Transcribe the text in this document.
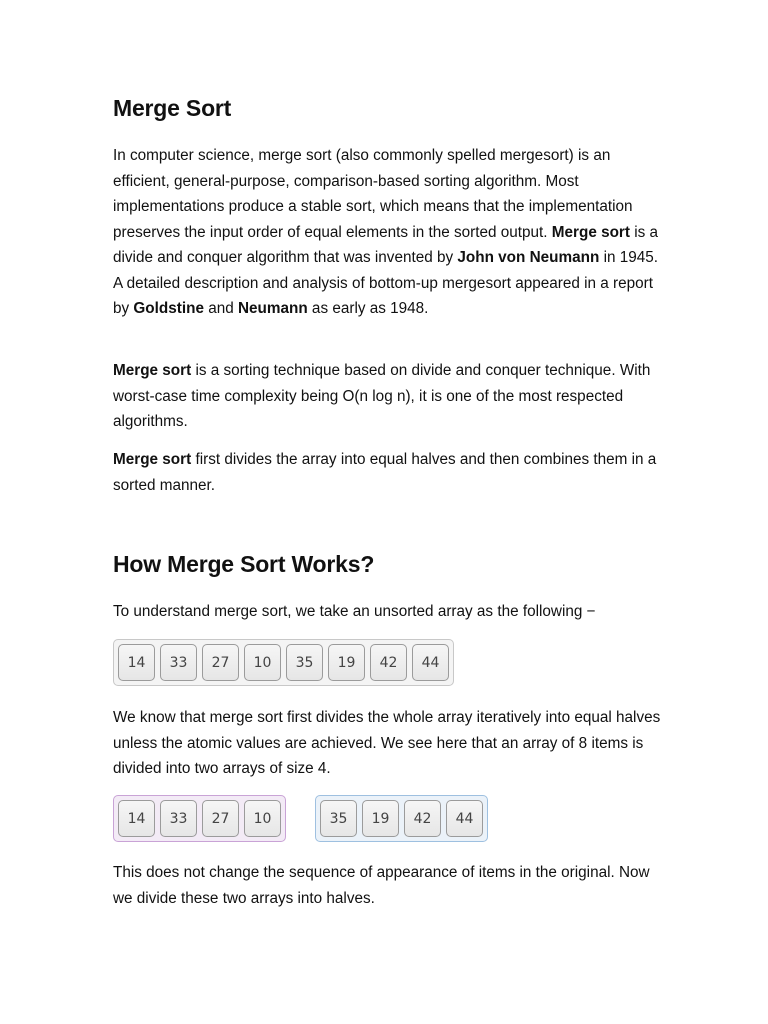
Merge Sort

In computer science, merge sort (also commonly spelled mergesort) is an efficient, general-purpose, comparison-based sorting algorithm. Most implementations produce a stable sort, which means that the implementation preserves the input order of equal elements in the sorted output. Merge sort is a divide and conquer algorithm that was invented by John von Neumann in 1945. A detailed description and analysis of bottom-up mergesort appeared in a report by Goldstine and Neumann as early as 1948.

Merge sort is a sorting technique based on divide and conquer technique. With worst-case time complexity being O(n log n), it is one of the most respected algorithms.

Merge sort first divides the array into equal halves and then combines them in a sorted manner.

How Merge Sort Works?

To understand merge sort, we take an unsorted array as the following −

14	33	27	10	35	19	42	44

We know that merge sort first divides the whole array iteratively into equal halves unless the atomic values are achieved. We see here that an array of 8 items is divided into two arrays of size 4.

14	33	27	10	35	19	42	44

This does not change the sequence of appearance of items in the original. Now we divide these two arrays into halves.
